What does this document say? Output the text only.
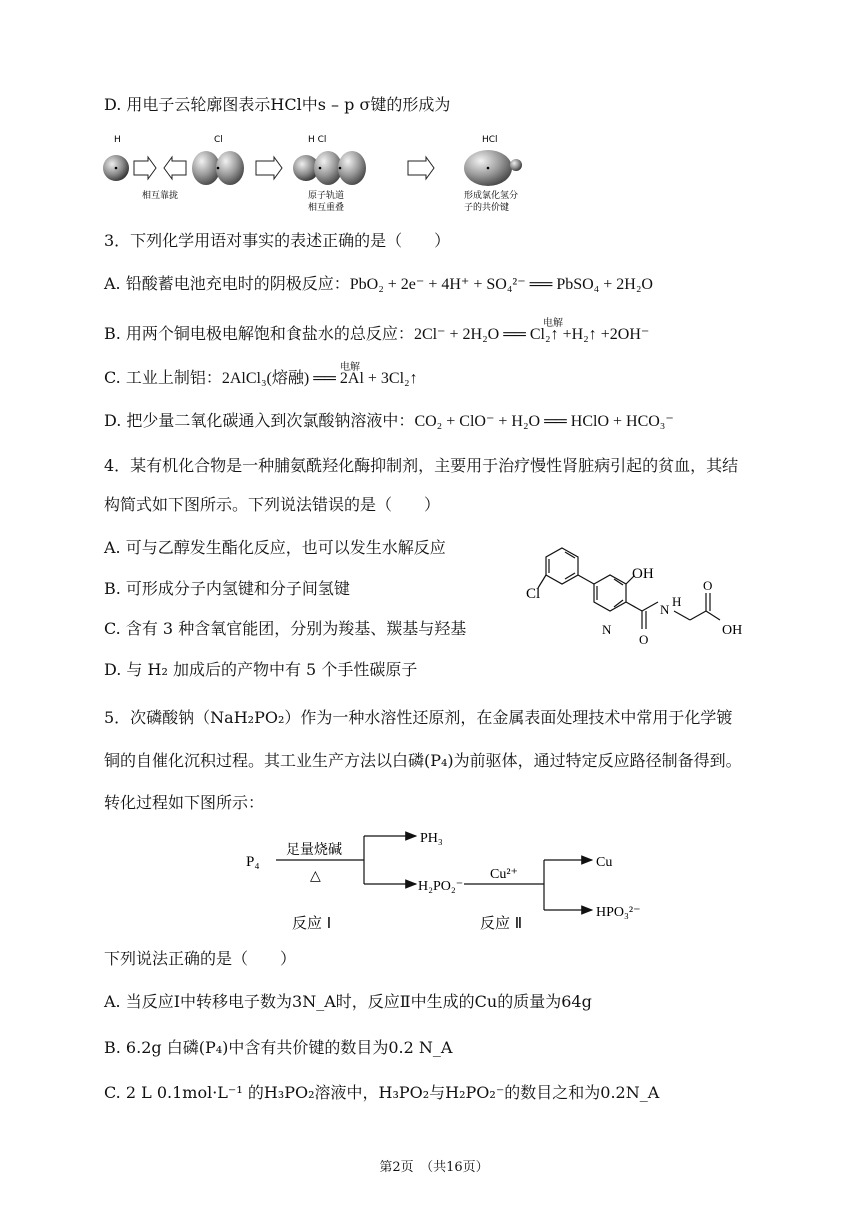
D. 用电子云轮廓图表示HCl中s – p σ键的形成为
H	Cl	H Cl	HCl
相互靠拢	原子轨道
相互重叠
形成氯化氢分
子的共价键
3．下列化学用语对事实的表述正确的是（　　）
A. 铅酸蓄电池充电时的阴极反应：PbO₂ + 2e⁻ + 4H⁺ + SO₄²⁻ ══ PbSO₄ + 2H₂O
B. 用两个铜电极电解饱和食盐水的总反应：2Cl⁻ + 2H₂O ══ Cl₂↑ +H₂↑ +2OH⁻
电解
C. 工业上制铝：2AlCl₃(熔融) ══ 2Al + 3Cl₂↑
电解
D. 把少量二氧化碳通入到次氯酸钠溶液中：CO₂ + ClO⁻ + H₂O ══ HClO + HCO₃⁻
4．某有机化合物是一种脯氨酰羟化酶抑制剂，主要用于治疗慢性肾脏病引起的贫血，其结
构简式如下图所示。下列说法错误的是（　　）
A. 可与乙醇发生酯化反应，也可以发生水解反应
B. 可形成分子内氢键和分子间氢键
C. 含有 3 种含氧官能团，分别为羧基、羰基与羟基
D. 与 H₂ 加成后的产物中有 5 个手性碳原子
Cl
OH
N
H
N
O
O
OH
5．次磷酸钠（NaH₂PO₂）作为一种水溶性还原剂，在金属表面处理技术中常用于化学镀
铜的自催化沉积过程。其工业生产方法以白磷(P₄)为前驱体，通过特定反应路径制备得到。
转化过程如下图所示：
P₄
足量烧碱
△
PH₃
H₂PO₂⁻
Cu²⁺
Cu
HPO₃²⁻
反应 Ⅰ	反应 Ⅱ
下列说法正确的是（　　）
A. 当反应Ⅰ中转移电子数为3N_A时，反应Ⅱ中生成的Cu的质量为64g
B. 6.2g 白磷(P₄)中含有共价键的数目为0.2 N_A
C. 2 L 0.1mol·L⁻¹ 的H₃PO₂溶液中，H₃PO₂与H₂PO₂⁻的数目之和为0.2N_A
第2页　（共16页）
